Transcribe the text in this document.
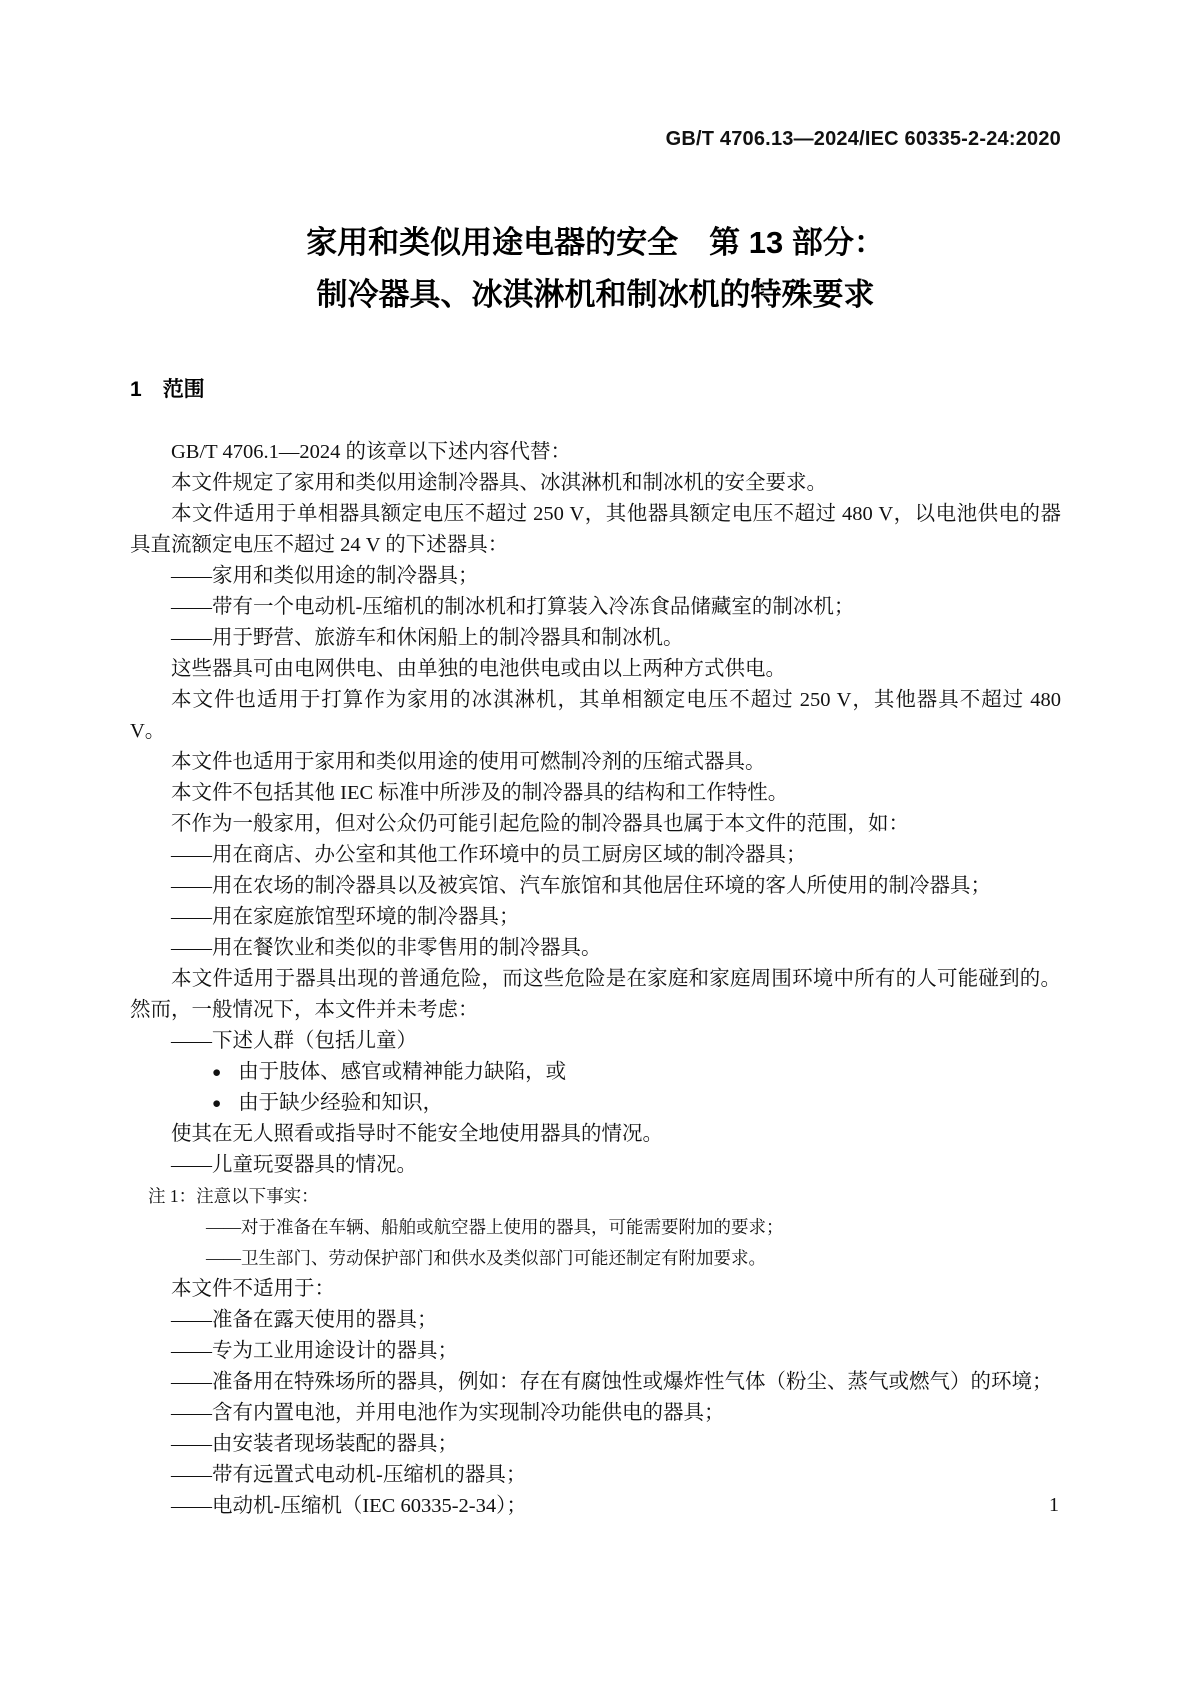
GB/T 4706.13—2024/IEC 60335-2-24:2020
家用和类似用途电器的安全　第 13 部分：
制冷器具、冰淇淋机和制冰机的特殊要求
1 范围
GB/T 4706.1—2024 的该章以下述内容代替：
本文件规定了家用和类似用途制冷器具、冰淇淋机和制冰机的安全要求。
本文件适用于单相器具额定电压不超过 250 V，其他器具额定电压不超过 480 V，以电池供电的器具直流额定电压不超过 24 V 的下述器具：
——家用和类似用途的制冷器具；
——带有一个电动机-压缩机的制冰机和打算装入冷冻食品储藏室的制冰机；
——用于野营、旅游车和休闲船上的制冷器具和制冰机。
这些器具可由电网供电、由单独的电池供电或由以上两种方式供电。
本文件也适用于打算作为家用的冰淇淋机，其单相额定电压不超过 250 V，其他器具不超过 480 V。
本文件也适用于家用和类似用途的使用可燃制冷剂的压缩式器具。
本文件不包括其他 IEC 标准中所涉及的制冷器具的结构和工作特性。
不作为一般家用，但对公众仍可能引起危险的制冷器具也属于本文件的范围，如：
——用在商店、办公室和其他工作环境中的员工厨房区域的制冷器具；
——用在农场的制冷器具以及被宾馆、汽车旅馆和其他居住环境的客人所使用的制冷器具；
——用在家庭旅馆型环境的制冷器具；
——用在餐饮业和类似的非零售用的制冷器具。
本文件适用于器具出现的普通危险，而这些危险是在家庭和家庭周围环境中所有的人可能碰到的。然而，一般情况下，本文件并未考虑：
——下述人群（包括儿童）
● 由于肢体、感官或精神能力缺陷，或
● 由于缺少经验和知识，
使其在无人照看或指导时不能安全地使用器具的情况。
——儿童玩耍器具的情况。
注 1：注意以下事实：
——对于准备在车辆、船舶或航空器上使用的器具，可能需要附加的要求；
——卫生部门、劳动保护部门和供水及类似部门可能还制定有附加要求。
本文件不适用于：
——准备在露天使用的器具；
——专为工业用途设计的器具；
——准备用在特殊场所的器具，例如：存在有腐蚀性或爆炸性气体（粉尘、蒸气或燃气）的环境；
——含有内置电池，并用电池作为实现制冷功能供电的器具；
——由安装者现场装配的器具；
——带有远置式电动机-压缩机的器具；
——电动机-压缩机（IEC 60335-2-34）；	1
